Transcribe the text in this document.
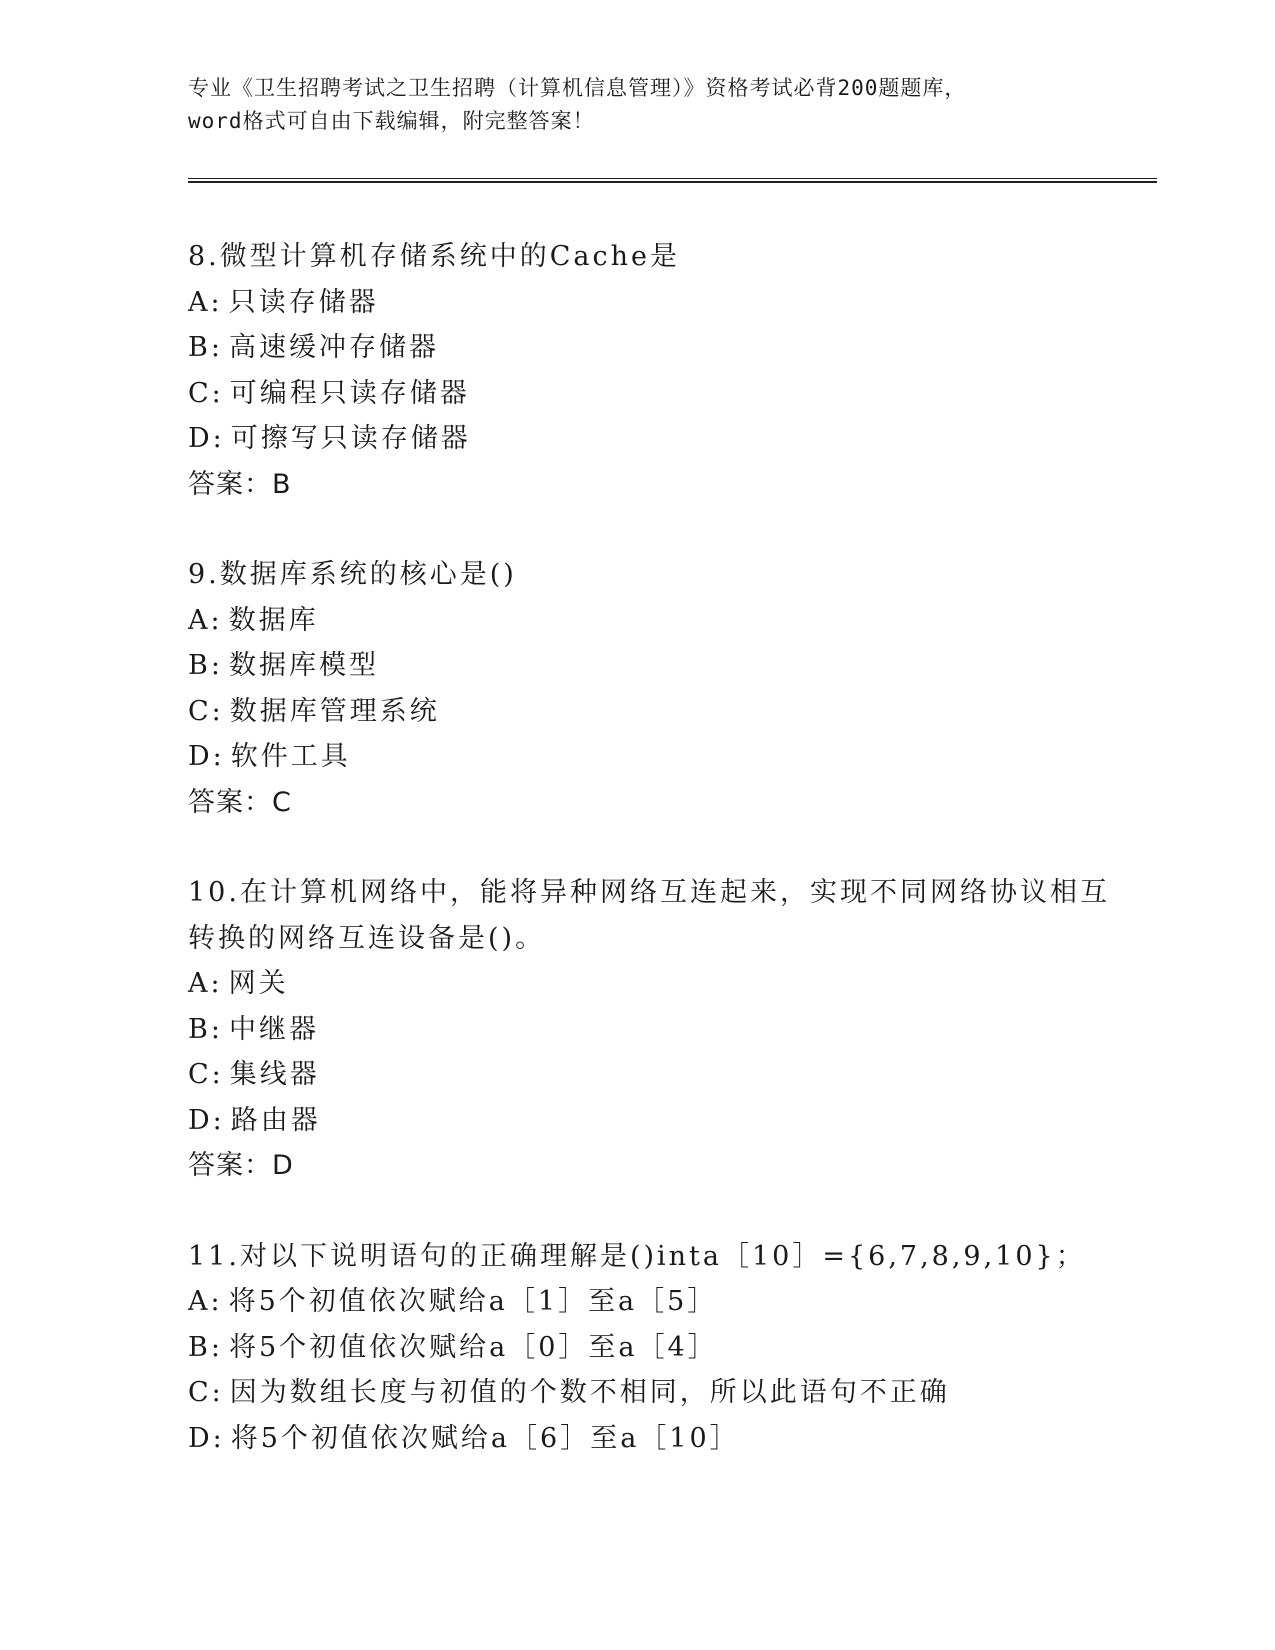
专业《卫生招聘考试之卫生招聘（计算机信息管理）》资格考试必背200题题库，
word格式可自由下载编辑，附完整答案！
8.微型计算机存储系统中的Cache是
A: 只读存储器
B: 高速缓冲存储器
C: 可编程只读存储器
D: 可擦写只读存储器
答案：B
9.数据库系统的核心是()
A: 数据库
B: 数据库模型
C: 数据库管理系统
D: 软件工具
答案：C
10.在计算机网络中，能将异种网络互连起来，实现不同网络协议相互
转换的网络互连设备是()。
A: 网关
B: 中继器
C: 集线器
D: 路由器
答案：D
11.对以下说明语句的正确理解是()inta［10］={6,7,8,9,10}；
A: 将5个初值依次赋给a［1］至a［5］
B: 将5个初值依次赋给a［0］至a［4］
C: 因为数组长度与初值的个数不相同，所以此语句不正确
D: 将5个初值依次赋给a［6］至a［10］
